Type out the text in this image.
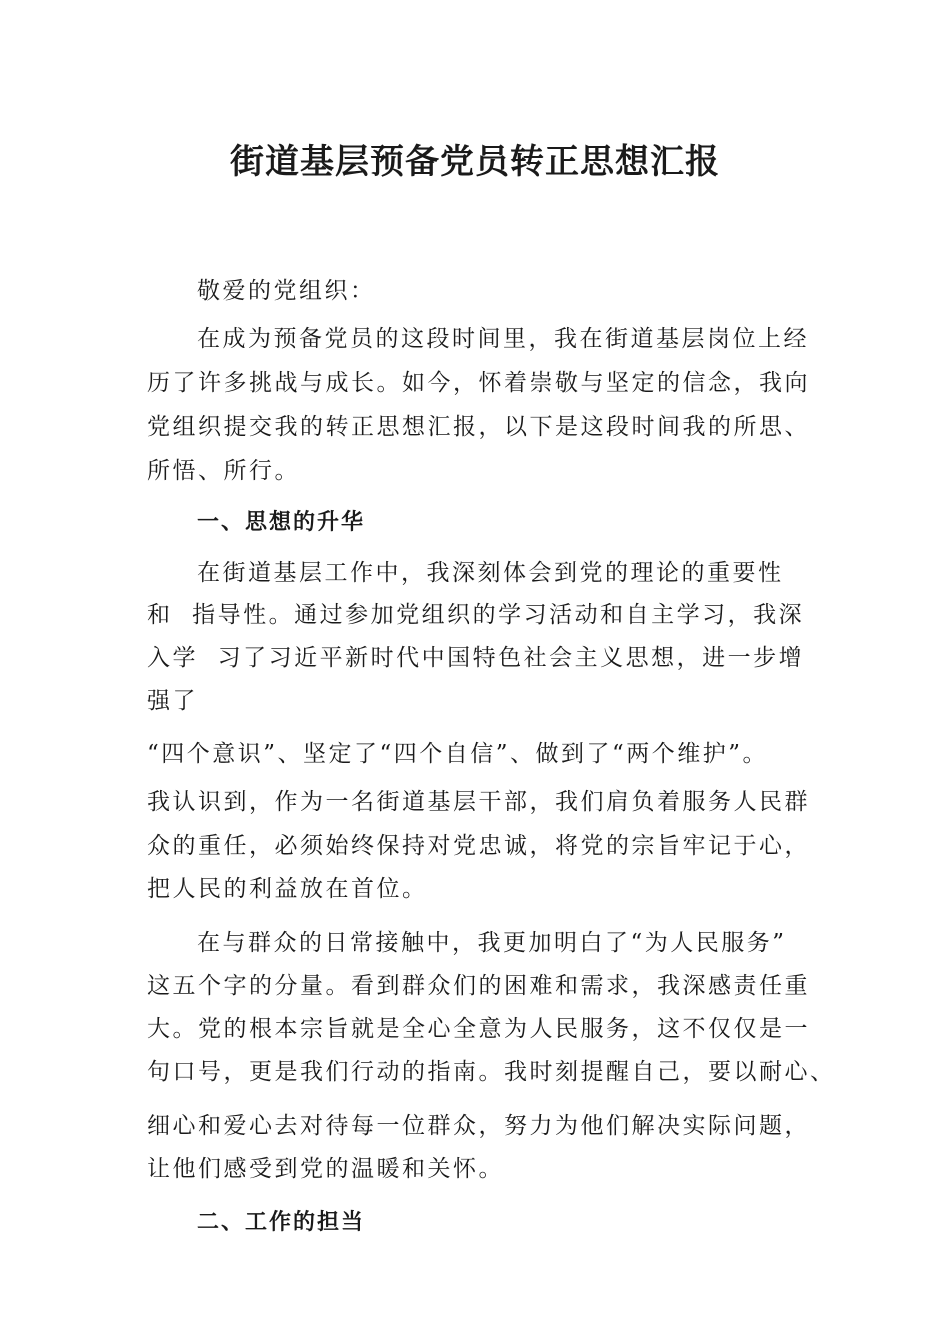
街道基层预备党员转正思想汇报

敬爱的党组织：

在成为预备党员的这段时间里，我在街道基层岗位上经

历了许多挑战与成长。如今，怀着崇敬与坚定的信念，我向

党组织提交我的转正思想汇报，以下是这段时间我的所思、

所悟、所行。

一、思想的升华

在街道基层工作中，我深刻体会到党的理论的重要性

和  指导性。通过参加党组织的学习活动和自主学习，我深

入学  习了习近平新时代中国特色社会主义思想，进一步增

强了

“四个意识”、坚定了“四个自信”、做到了“两个维护”。

我认识到，作为一名街道基层干部，我们肩负着服务人民群

众的重任，必须始终保持对党忠诚，将党的宗旨牢记于心，

把人民的利益放在首位。

在与群众的日常接触中，我更加明白了“为人民服务”

这五个字的分量。看到群众们的困难和需求，我深感责任重

大。党的根本宗旨就是全心全意为人民服务，这不仅仅是一

句口号，更是我们行动的指南。我时刻提醒自己，要以耐心、

细心和爱心去对待每一位群众，努力为他们解决实际问题，

让他们感受到党的温暖和关怀。

二、工作的担当
